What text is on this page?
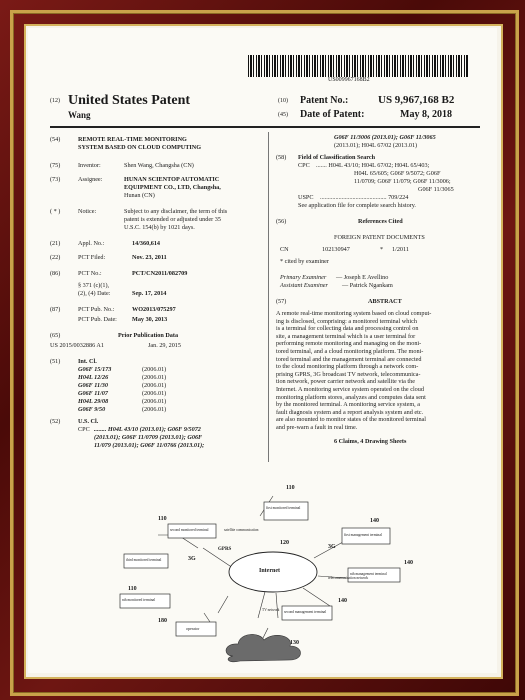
US009967168B2
(12) United States Patent
Wang
(10) Patent No.:	US 9,967,168 B2
(45) Date of Patent:	May 8, 2018
(54)	REMOTE REAL-TIME MONITORING
SYSTEM BASED ON CLOUD COMPUTING
(75)	Inventor:	Shen Wang, Changsha (CN)
(73)	Assignee:	HUNAN SCIENTOP AUTOMATIC
EQUIPMENT CO., LTD, Changsha,
Hunan (CN)
( * )	Notice:	Subject to any disclaimer, the term of this
patent is extended or adjusted under 35
U.S.C. 154(b) by 1021 days.
(21)	Appl. No.:	14/360,614
(22)	PCT Filed:	Nov. 23, 2011
(86)	PCT No.:	PCT/CN2011/082709
§ 371 (c)(1),
(2), (4) Date:	Sep. 17, 2014
(87)	PCT Pub. No.:	WO2013/075297
PCT Pub. Date: May 30, 2013
(65)	Prior Publication Data
US 2015/0032886 A1	Jan. 29, 2015
(51)	Int. Cl.
G06F 15/173	(2006.01)
H04L 12/26	(2006.01)
G06F 11/30	(2006.01)
G06F 11/07	(2006.01)
H04L 29/08	(2006.01)
G06F 9/50	(2006.01)
(52)	U.S. Cl.
CPC ........ H04L 43/10 (2013.01); G06F 9/5072
(2013.01); G06F 11/0709 (2013.01); G06F
11/079 (2013.01); G06F 11/0766 (2013.01);
G06F 11/3006 (2013.01); G06F 11/3065
(2013.01); H04L 67/02 (2013.01)
(58) Field of Classification Search
CPC ....... H04L 43/10; H04L 67/02; H04L 65/403;
H04L 65/605; G06F 9/5072; G06F
11/0709; G06F 11/079; G06F 11/3006;
G06F 11/3065
USPC ........................................... 709/224
See application file for complete search history.
(56)	References Cited
FOREIGN PATENT DOCUMENTS
CN	102130947	* 1/2011
* cited by examiner
Primary Examiner — Joseph E Avellino
Assistant Examiner — Patrick Ngankam
(57)	ABSTRACT
A remote real-time monitoring system based on cloud comput-
ing is disclosed, comprising: a monitored terminal which
is a terminal for collecting data and processing control on
site, a management terminal which is a user terminal for
performing remote monitoring and managing on the moni-
tored terminal, and a cloud monitoring platform. The moni-
tored terminal and the management terminal are connected
to the cloud monitoring platform through a network com-
prising GPRS, 3G broadcast TV network, telecommunica-
tion network, power carrier network and satellite via the
Internet. A monitoring service system operated on the cloud
monitoring platform stores, analyzes and computes data sent
by the monitored terminal. A monitoring service system, a
fault diagnosis system and a report analysis system and etc.
are also mounted to monitor states of the monitored terminal
and pre-warn a fault in real time.
6 Claims, 4 Drawing Sheets
110
110
110
120
140
140
140
180
130
Internet
GPRS
3G
3G
first monitored terminal
second monitored terminal
third monitored terminal
nth monitored terminal
first management terminal
nth management terminal
second management terminal
operator
satellite communication
telecommunication network
TV network
